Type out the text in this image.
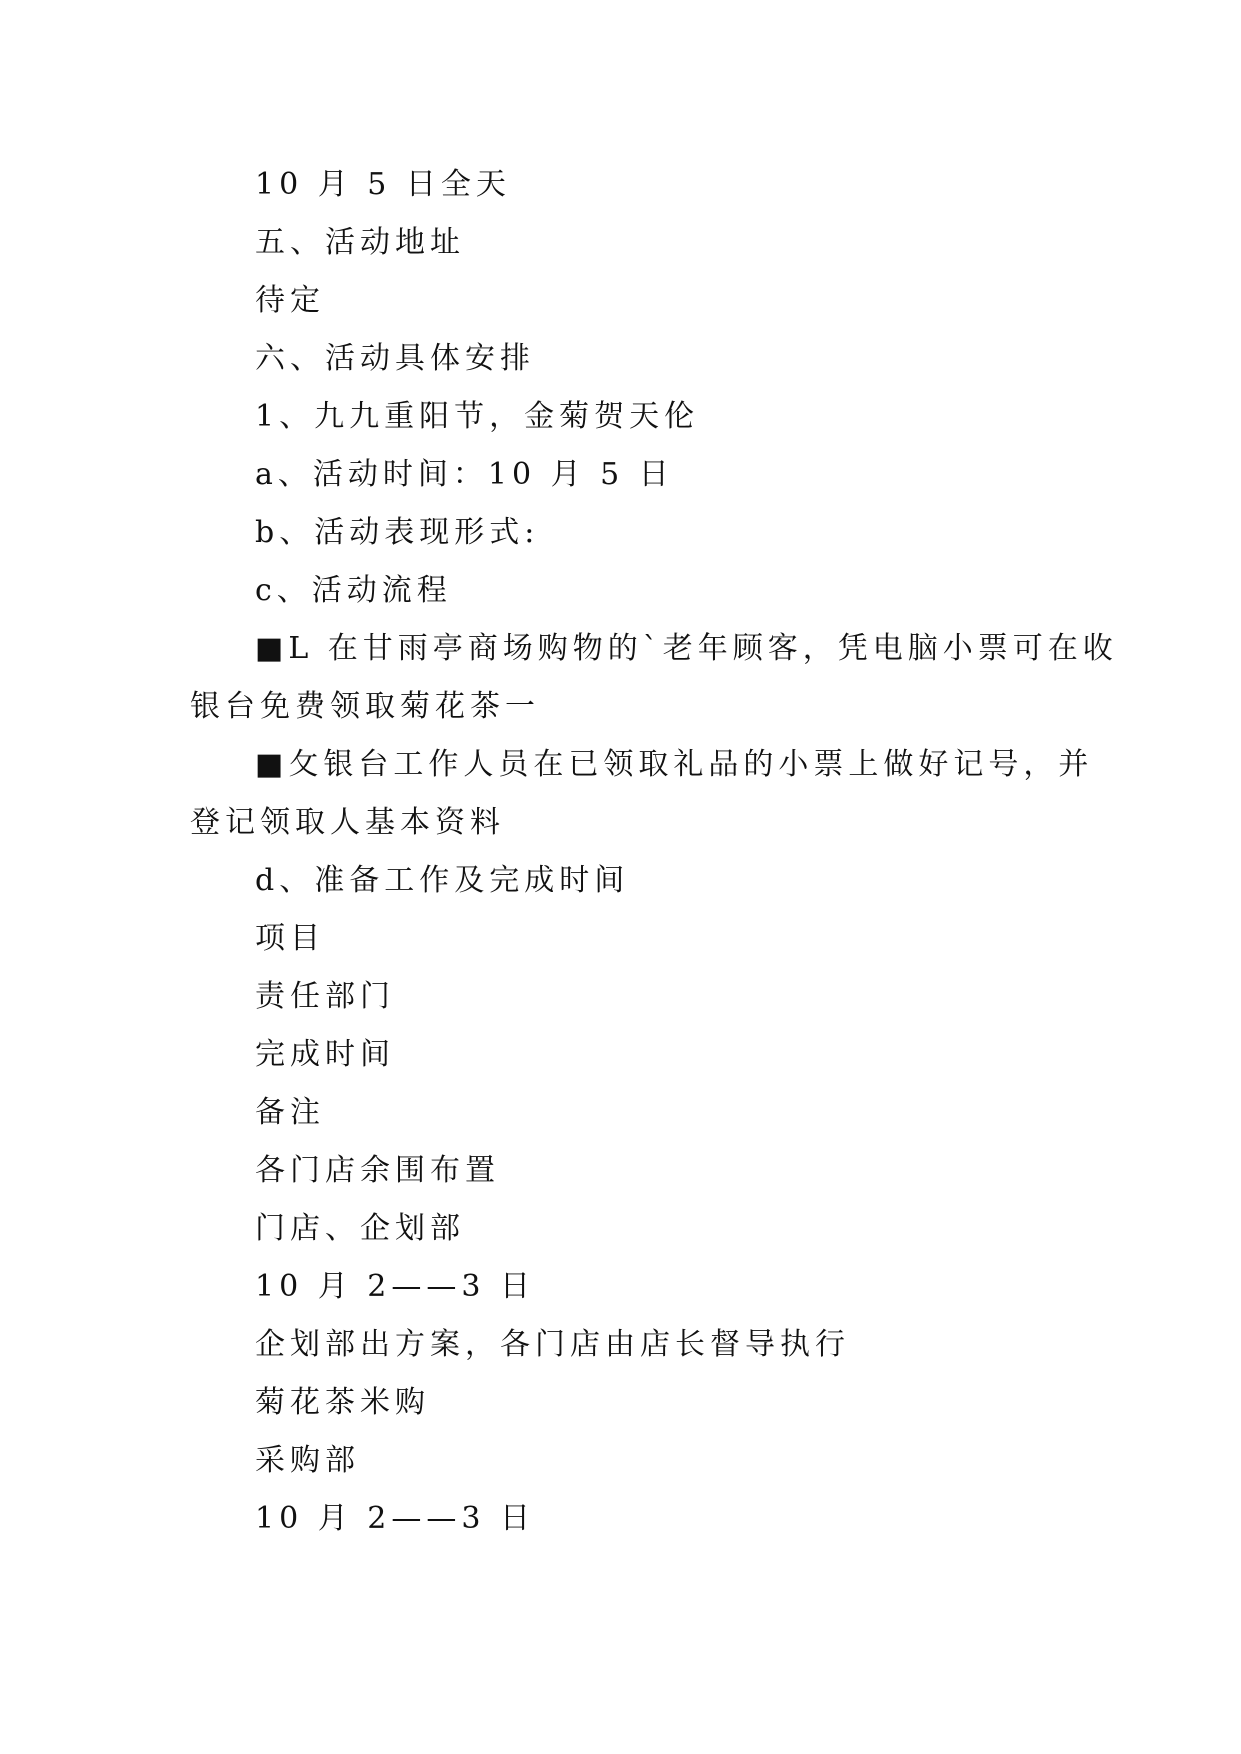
10 月 5 日全天
五、活动地址
待定
六、活动具体安排
1、九九重阳节，金菊贺天伦
a、活动时间：10 月 5 日
b、活动表现形式:
c、活动流程
■L 在甘雨亭商场购物的`老年顾客，凭电脑小票可在收
银台免费领取菊花茶一
■攵银台工作人员在已领取礼品的小票上做好记号，并
登记领取人基本资料
d、准备工作及完成时间
项目
责任部门
完成时间
备注
各门店余围布置
门店、企划部
10 月 2——3 日
企划部出方案，各门店由店长督导执行
菊花茶米购
采购部
10 月 2——3 日
